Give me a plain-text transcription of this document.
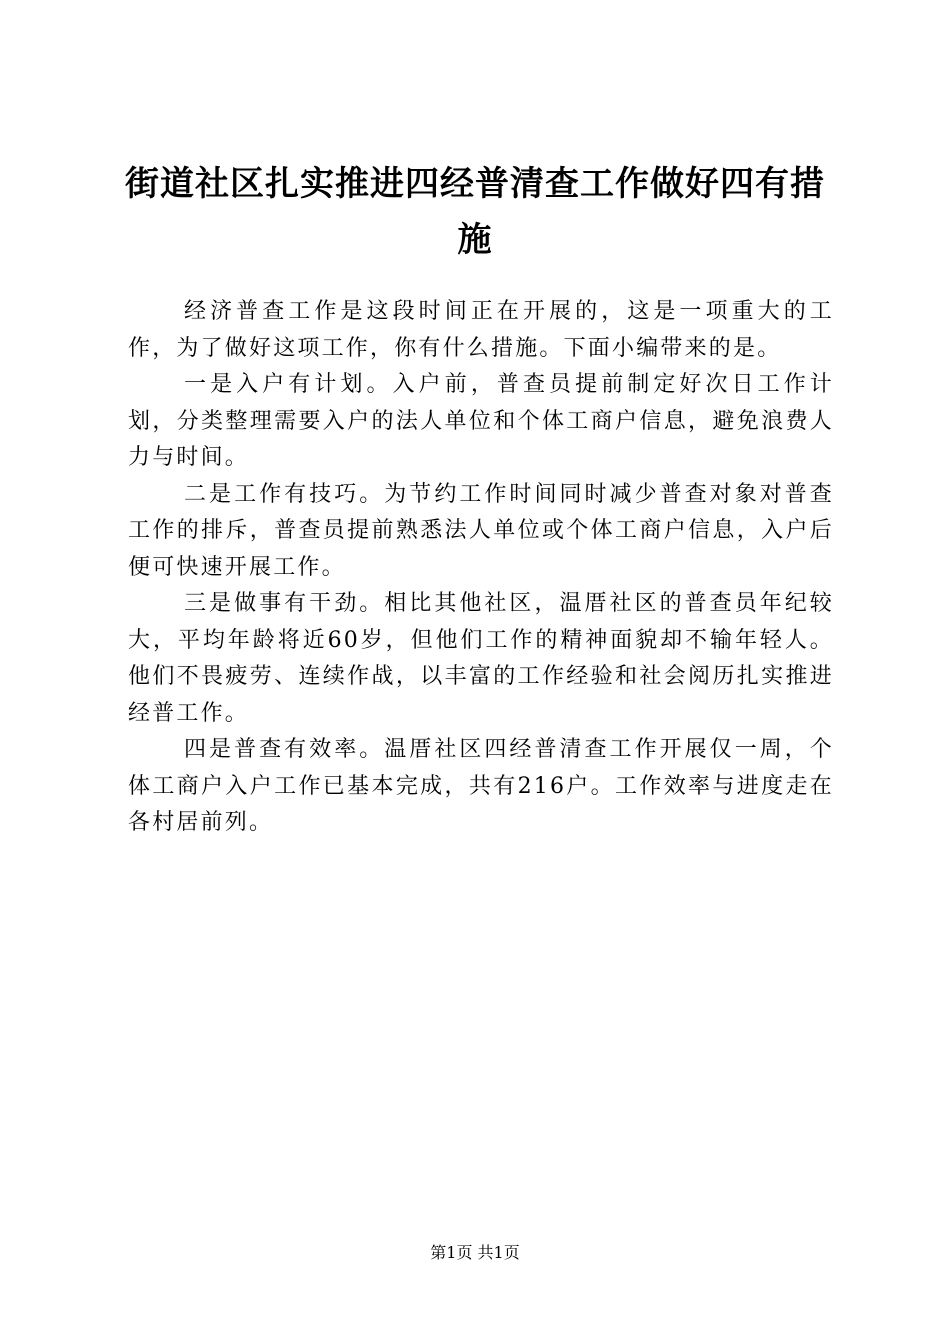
街道社区扎实推进四经普清查工作做好四有措施

经济普查工作是这段时间正在开展的，这是一项重大的工作，为了做好这项工作，你有什么措施。下面小编带来的是。

一是入户有计划。入户前，普查员提前制定好次日工作计划，分类整理需要入户的法人单位和个体工商户信息，避免浪费人力与时间。

二是工作有技巧。为节约工作时间同时减少普查对象对普查工作的排斥，普查员提前熟悉法人单位或个体工商户信息，入户后便可快速开展工作。

三是做事有干劲。相比其他社区，温厝社区的普查员年纪较大，平均年龄将近60岁，但他们工作的精神面貌却不输年轻人。他们不畏疲劳、连续作战，以丰富的工作经验和社会阅历扎实推进经普工作。

四是普查有效率。温厝社区四经普清查工作开展仅一周，个体工商户入户工作已基本完成，共有216户。工作效率与进度走在各村居前列。

第1页 共1页
